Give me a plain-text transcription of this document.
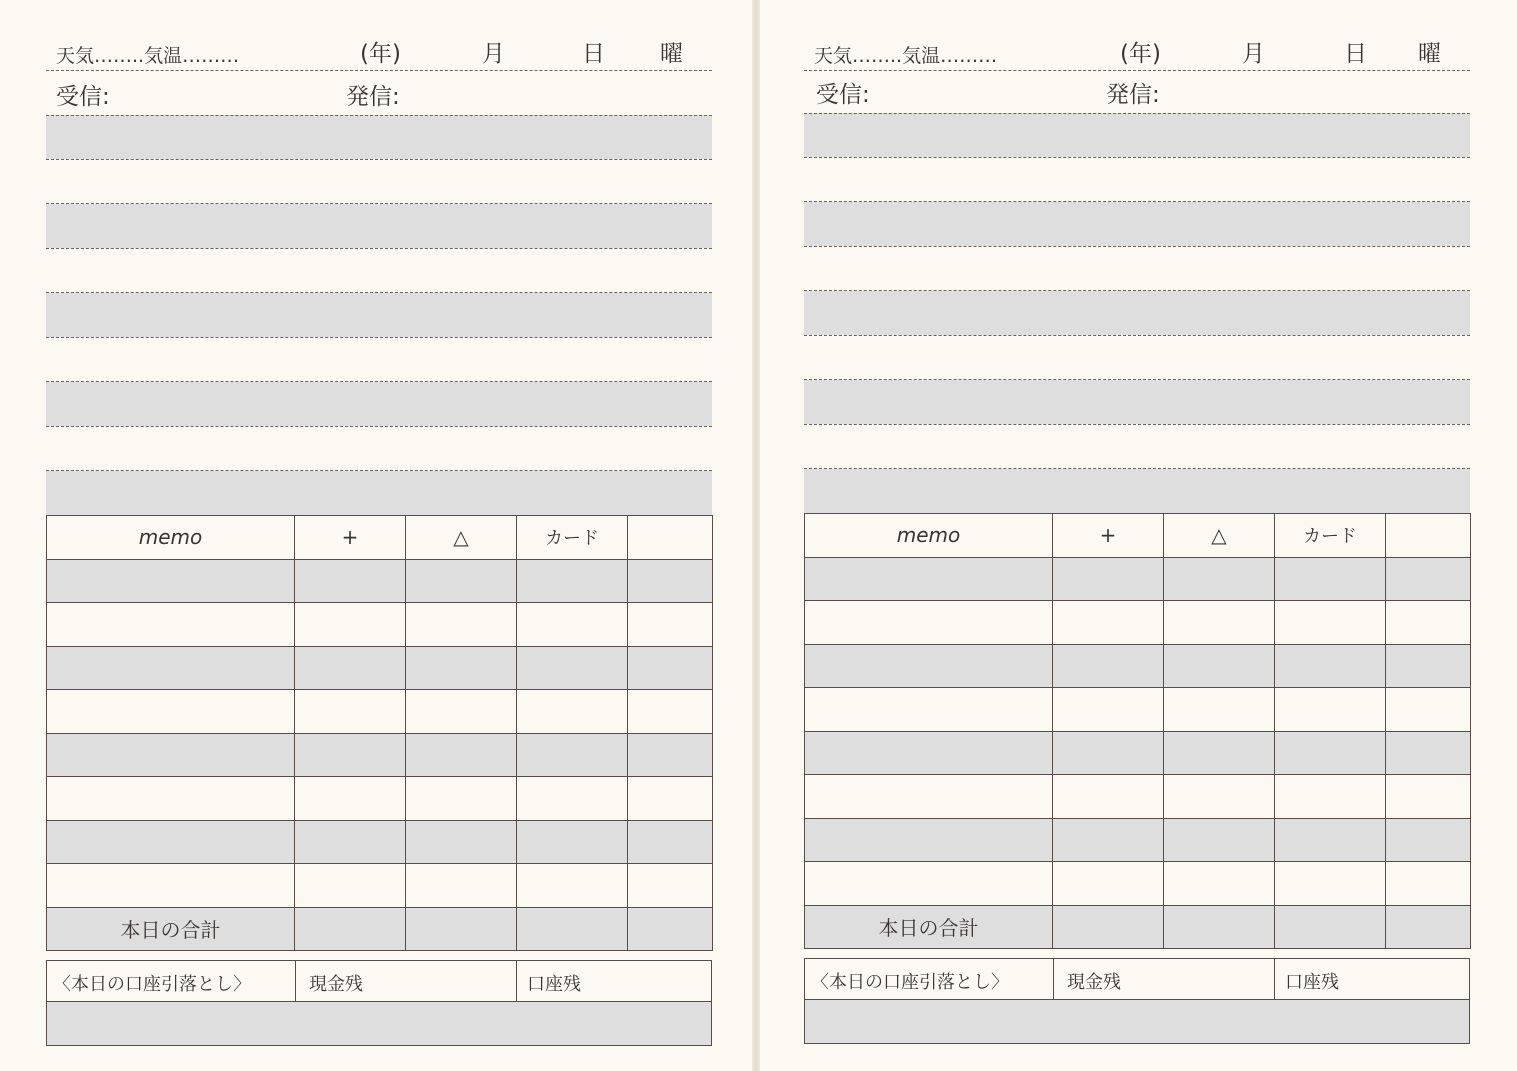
天気……..気温………	(年)	月	日 曜
受信:	発信:
memo	+	△	カード	

本日の合計				
〈本日の口座引落とし〉	現金残	口座残
天気……..気温………	(年)	月	日 曜
受信:	発信:
memo	+	△	カード	

本日の合計				
〈本日の口座引落とし〉	現金残	口座残
